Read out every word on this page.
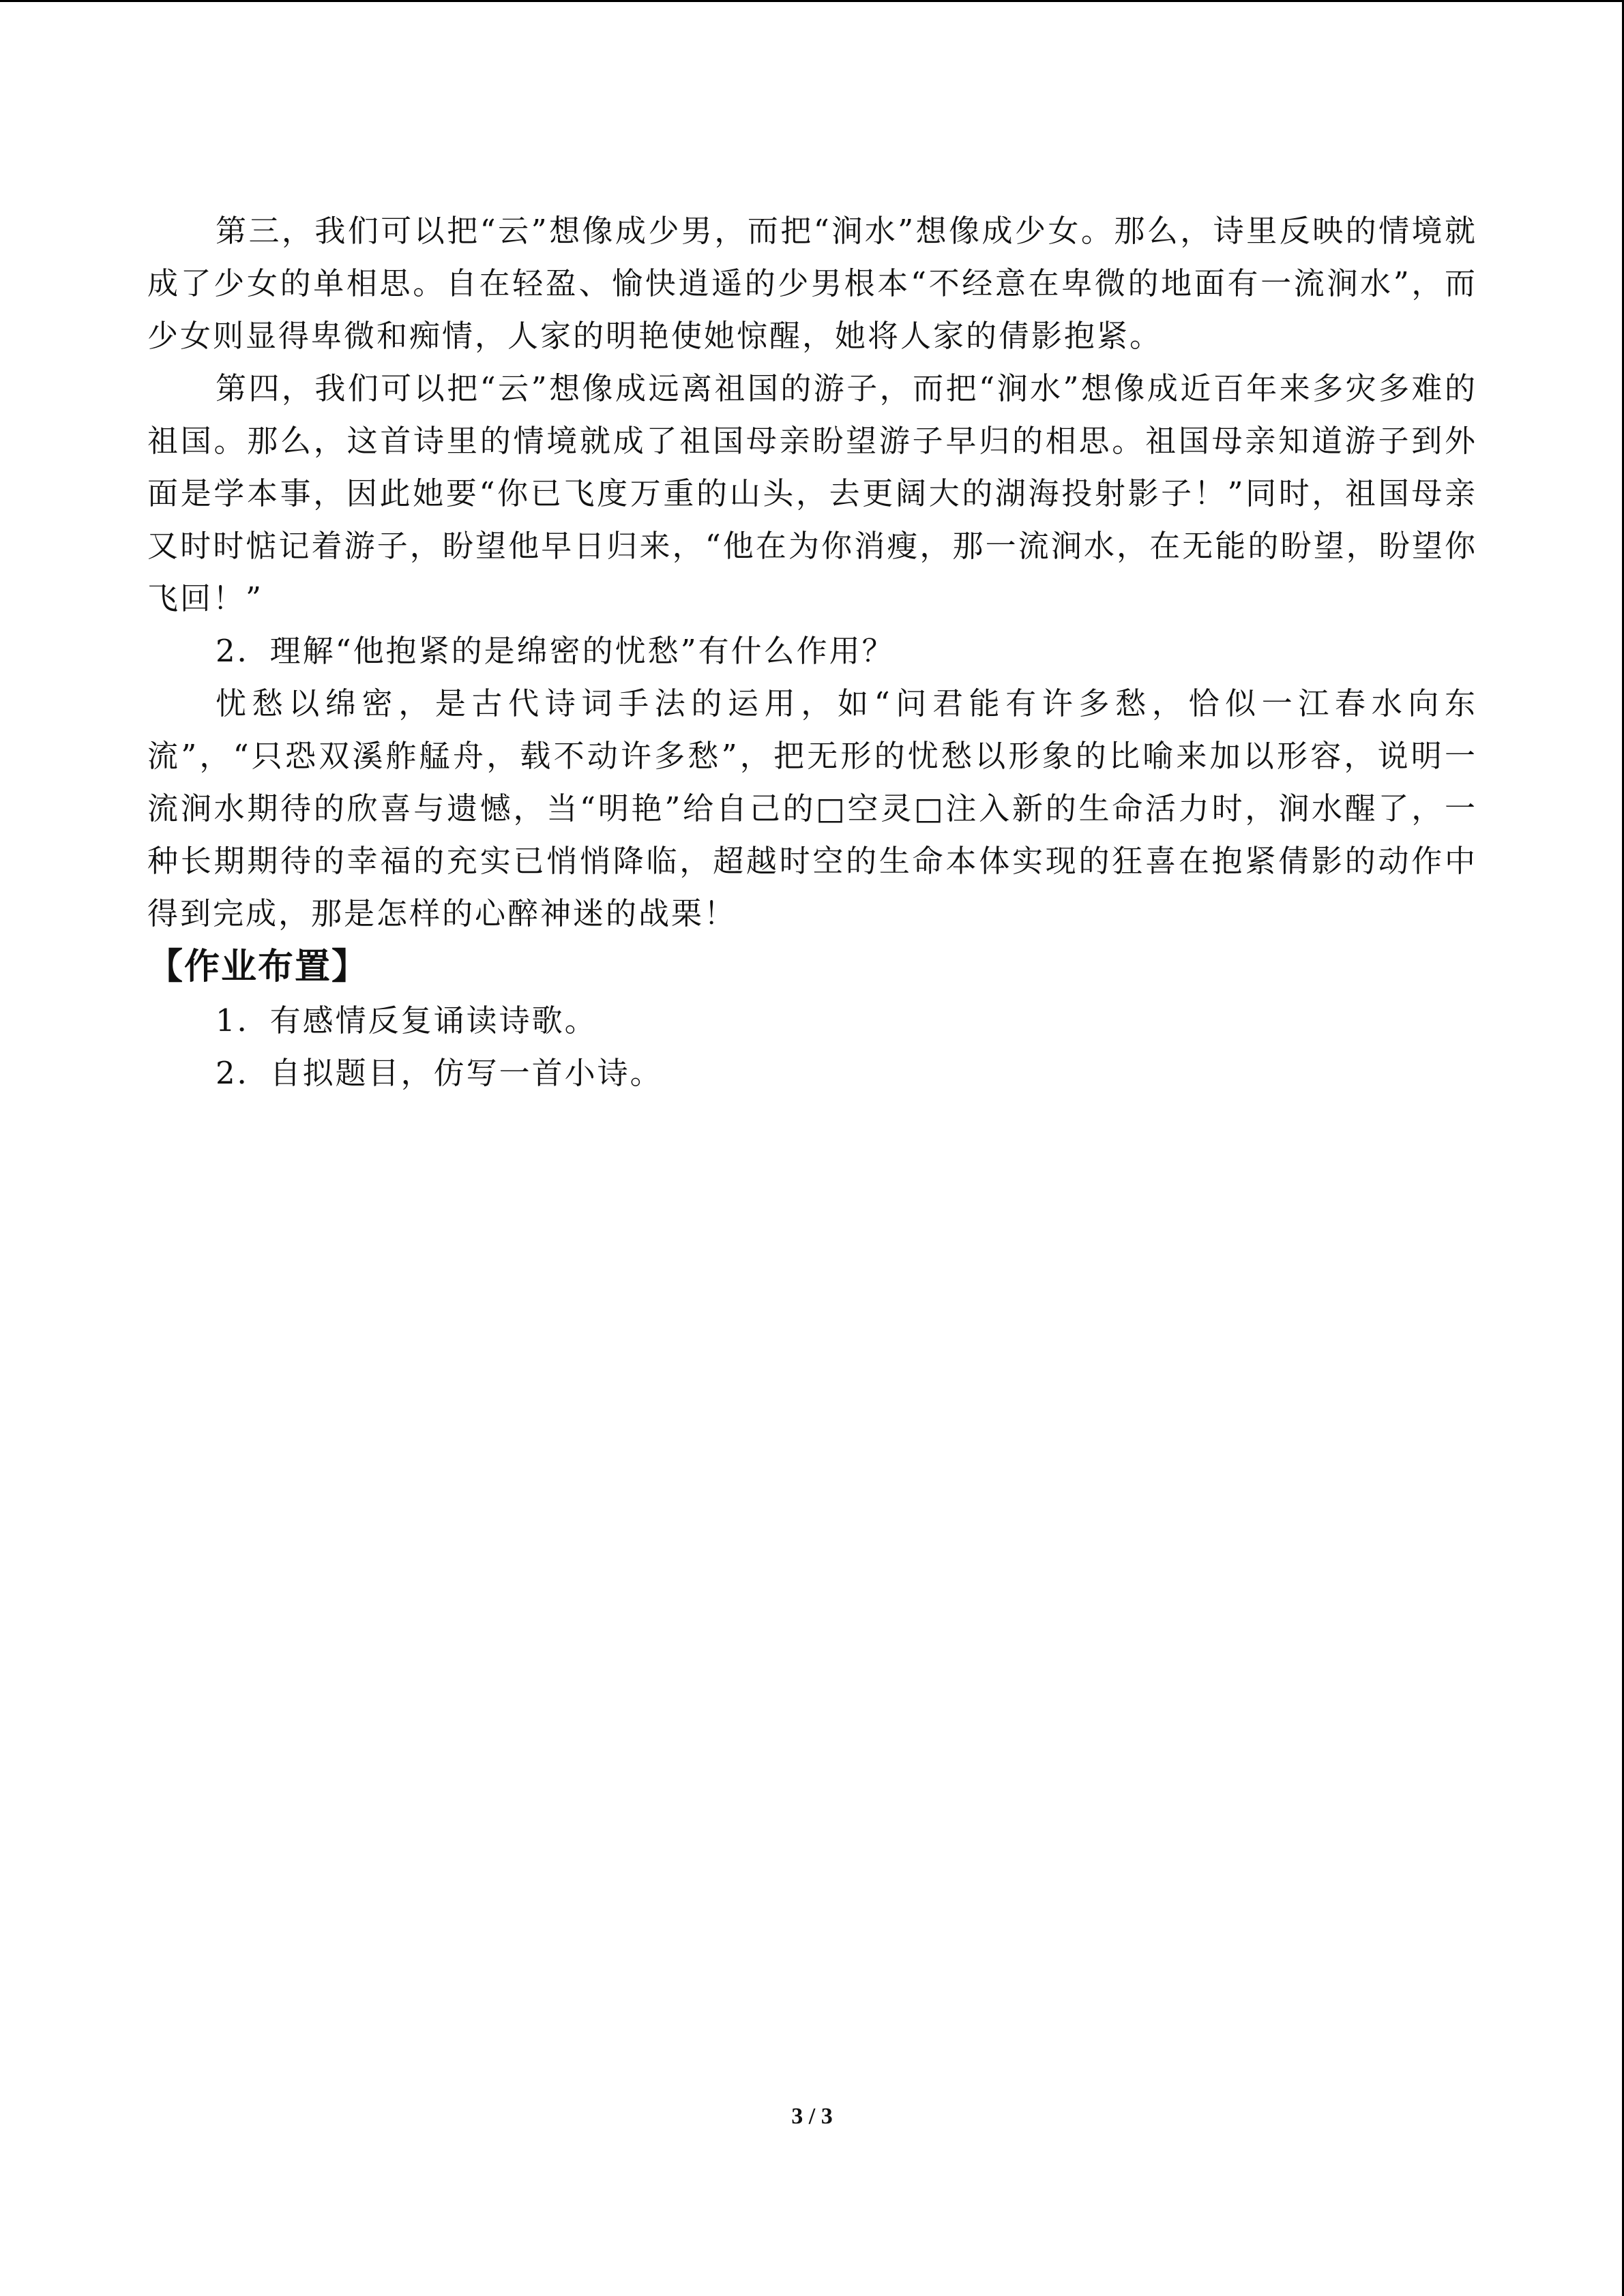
第三，我们可以把“云”想像成少男，而把“涧水”想像成少女。那么，诗里反映的情境就成了少女的单相思。自在轻盈、愉快逍遥的少男根本“不经意在卑微的地面有一流涧水”，而少女则显得卑微和痴情，人家的明艳使她惊醒，她将人家的倩影抱紧。

第四，我们可以把“云”想像成远离祖国的游子，而把“涧水”想像成近百年来多灾多难的祖国。那么，这首诗里的情境就成了祖国母亲盼望游子早归的相思。祖国母亲知道游子到外面是学本事，因此她要“你已飞度万重的山头，去更阔大的湖海投射影子！”同时，祖国母亲又时时惦记着游子，盼望他早日归来，“他在为你消瘦，那一流涧水，在无能的盼望，盼望你飞回！”

2．理解“他抱紧的是绵密的忧愁”有什么作用？

忧愁以绵密，是古代诗词手法的运用，如“问君能有许多愁，恰似一江春水向东流”，“只恐双溪舴艋舟，载不动许多愁”，把无形的忧愁以形象的比喻来加以形容，说明一流涧水期待的欣喜与遗憾，当“明艳”给自己的□空灵□注入新的生命活力时，涧水醒了，一种长期期待的幸福的充实已悄悄降临，超越时空的生命本体实现的狂喜在抱紧倩影的动作中得到完成，那是怎样的心醉神迷的战栗！

【作业布置】

1．有感情反复诵读诗歌。

2．自拟题目，仿写一首小诗。

3 / 3
